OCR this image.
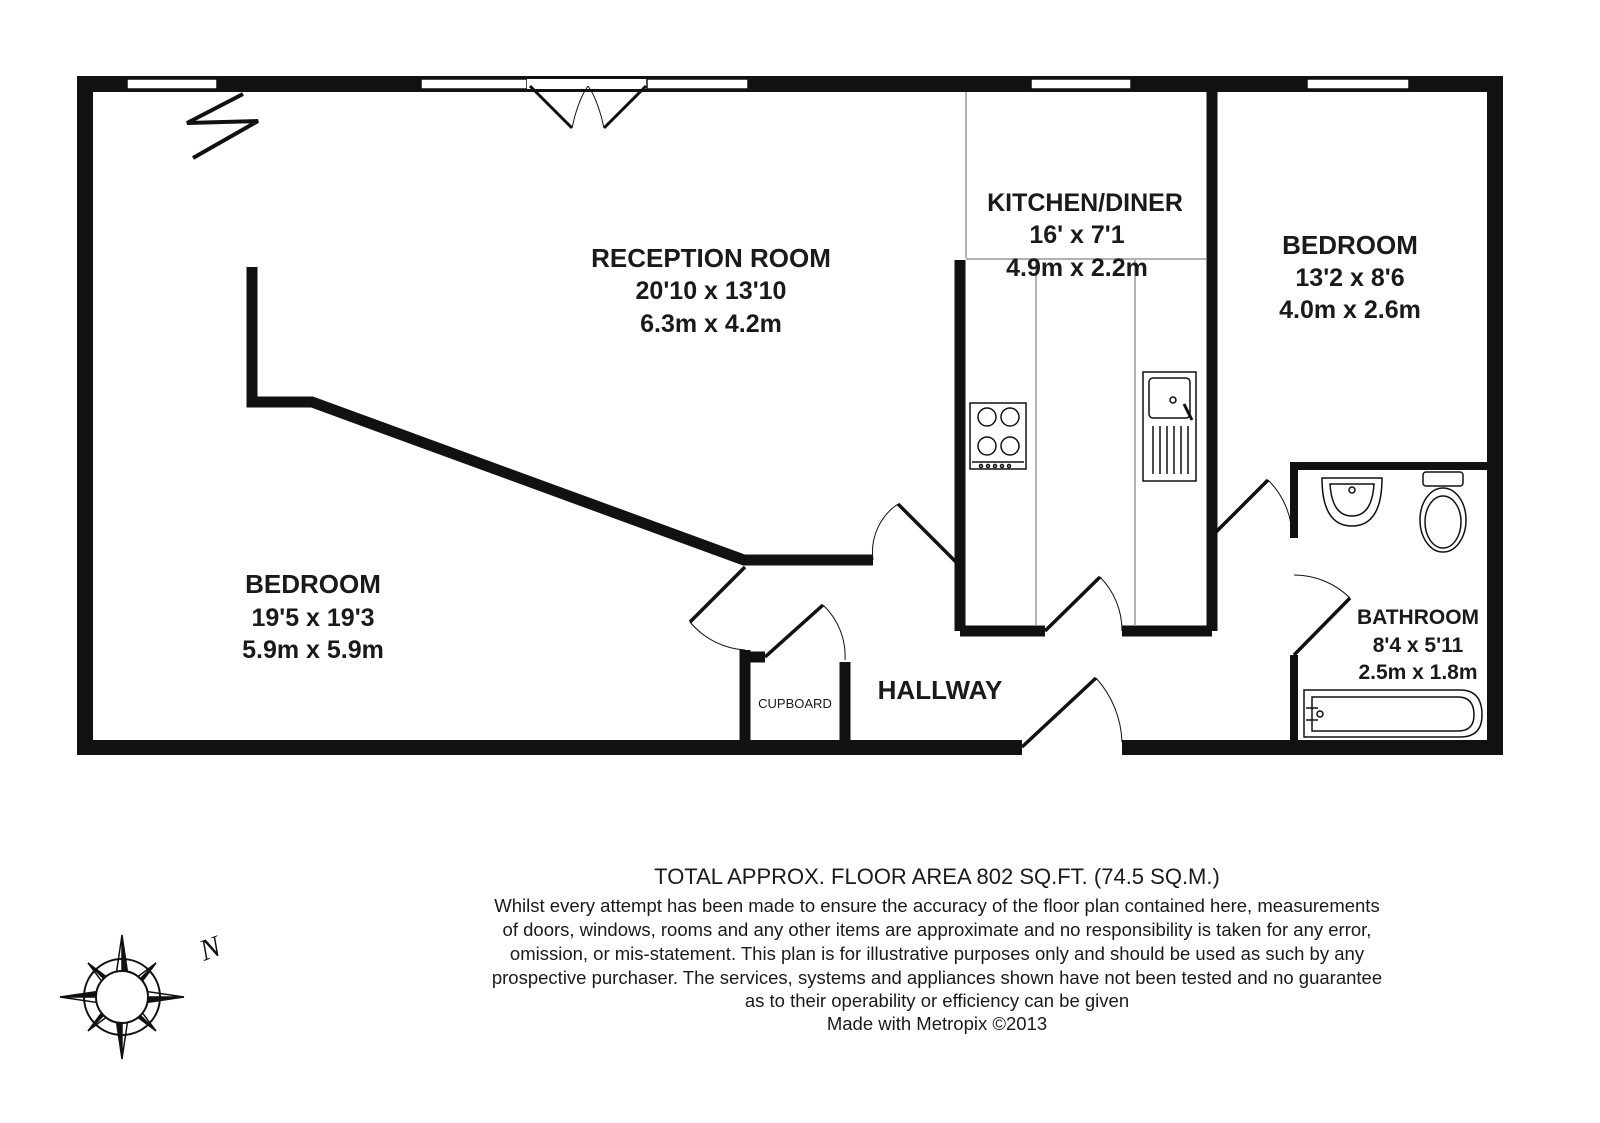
RECEPTION ROOM
20'10 x 13'10
6.3m x 4.2m
KITCHEN/DINER
16' x 7'1
4.9m x 2.2m
BEDROOM
13'2 x 8'6
4.0m x 2.6m
BEDROOM
19'5 x 19'3
5.9m x 5.9m
BATHROOM
8'4 x 5'11
2.5m x 1.8m
HALLWAY
CUPBOARD
N
TOTAL APPROX. FLOOR AREA 802 SQ.FT. (74.5 SQ.M.)
Whilst every attempt has been made to ensure the accuracy of the floor plan contained here, measurements
of doors, windows, rooms and any other items are approximate and no responsibility is taken for any error,
omission, or mis-statement. This plan is for illustrative purposes only and should be used as such by any
prospective purchaser. The services, systems and appliances shown have not been tested and no guarantee
as to their operability or efficiency can be given
Made with Metropix ©2013
